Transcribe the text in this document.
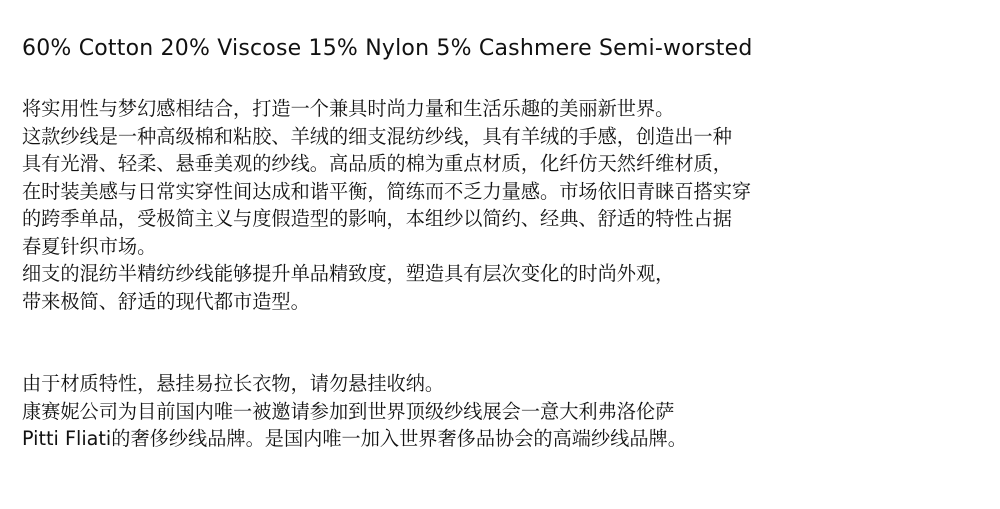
60% Cotton 20% Viscose 15% Nylon 5% Cashmere Semi-worsted
将实用性与梦幻感相结合，打造一个兼具时尚力量和生活乐趣的美丽新世界。
这款纱线是一种高级棉和粘胶、羊绒的细支混纺纱线，具有羊绒的手感，创造出一种
具有光滑、轻柔、悬垂美观的纱线。高品质的棉为重点材质，化纤仿天然纤维材质，
在时装美感与日常实穿性间达成和谐平衡，简练而不乏力量感。市场依旧青睐百搭实穿
的跨季单品，受极简主义与度假造型的影响，本组纱以简约、经典、舒适的特性占据
春夏针织市场。
细支的混纺半精纺纱线能够提升单品精致度，塑造具有层次变化的时尚外观，
带来极简、舒适的现代都市造型。
由于材质特性，悬挂易拉长衣物，请勿悬挂收纳。
康赛妮公司为目前国内唯一被邀请参加到世界顶级纱线展会一意大利弗洛伦萨
Pitti Fliati的奢侈纱线品牌。是国内唯一加入世界奢侈品协会的高端纱线品牌。
